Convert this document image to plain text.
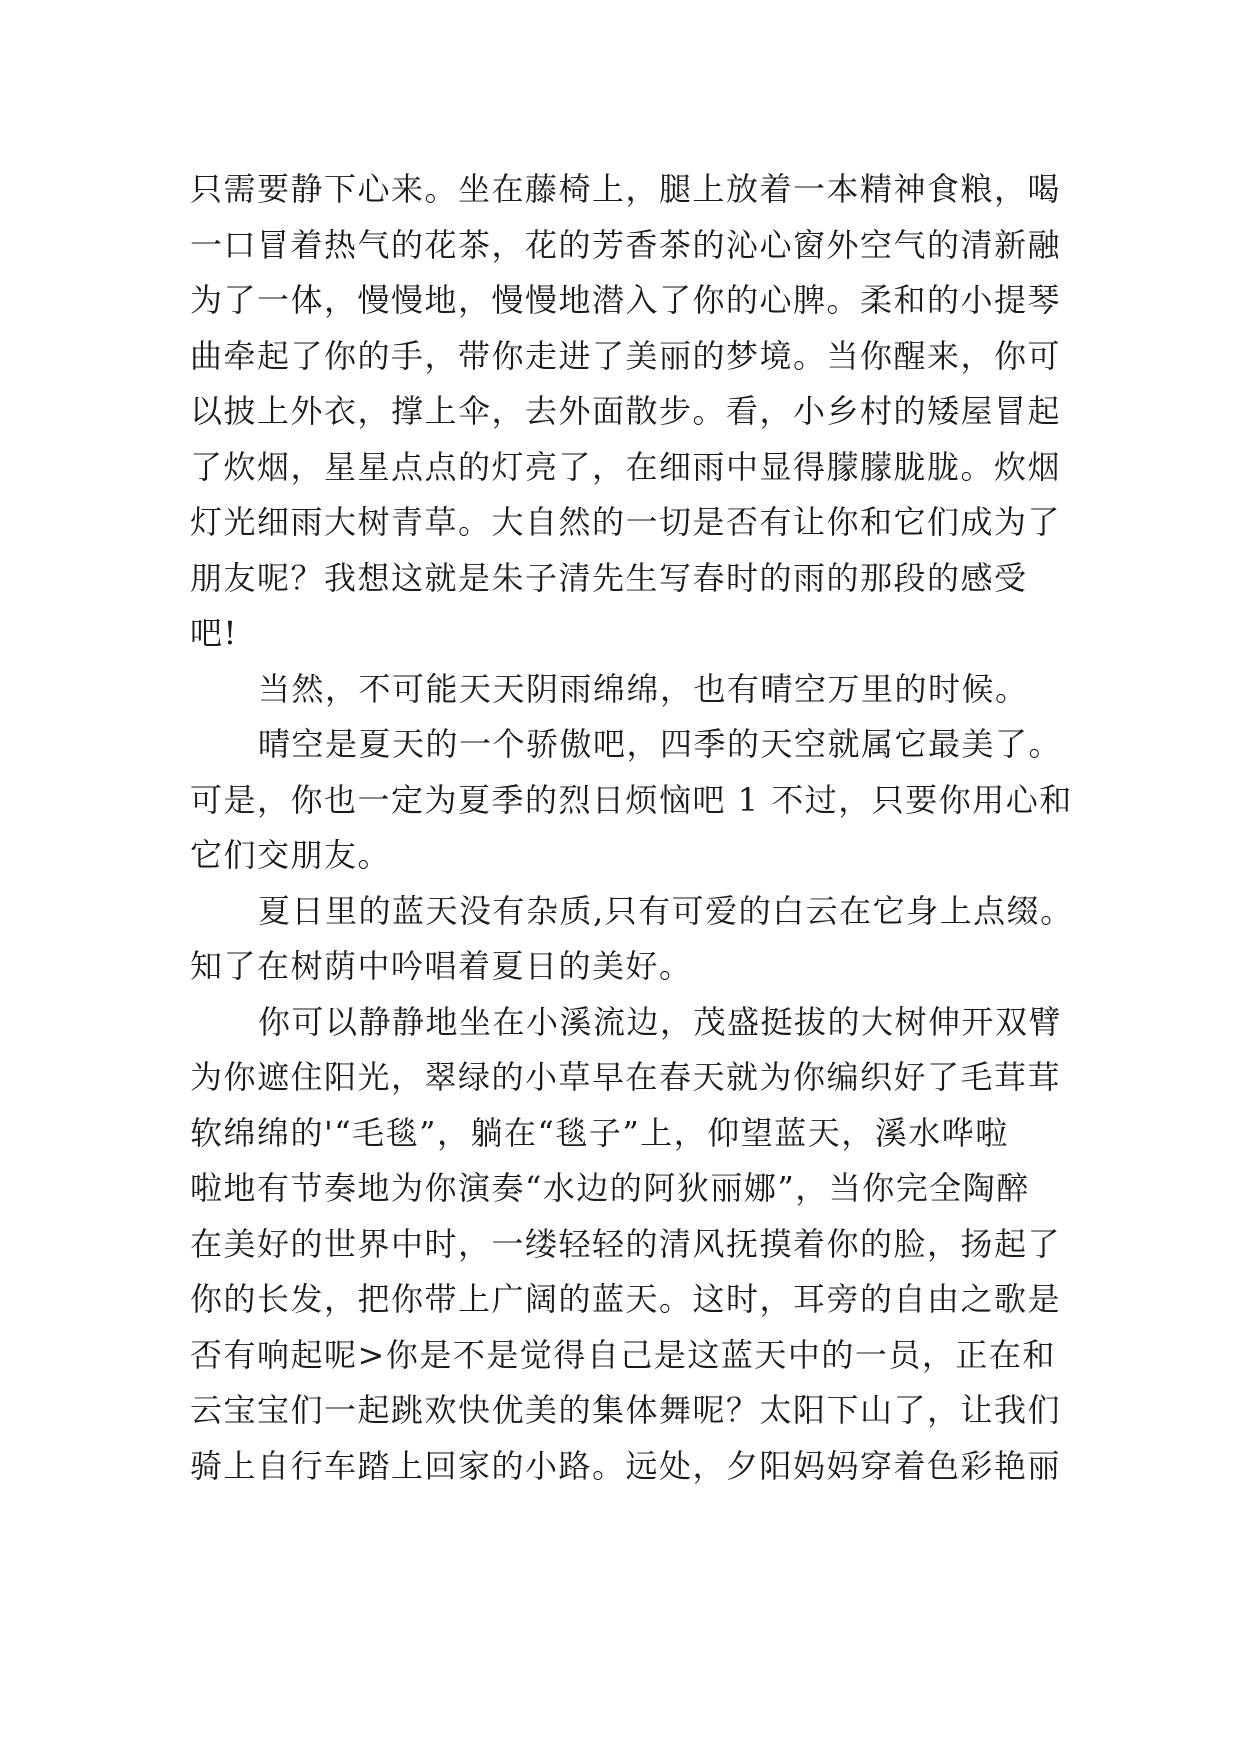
只需要静下心来。坐在藤椅上，腿上放着一本精神食粮，喝
一口冒着热气的花茶，花的芳香茶的沁心窗外空气的清新融
为了一体，慢慢地，慢慢地潜入了你的心脾。柔和的小提琴
曲牵起了你的手，带你走进了美丽的梦境。当你醒来，你可
以披上外衣，撑上伞，去外面散步。看，小乡村的矮屋冒起
了炊烟，星星点点的灯亮了，在细雨中显得朦朦胧胧。炊烟
灯光细雨大树青草。大自然的一切是否有让你和它们成为了
朋友呢？我想这就是朱子清先生写春时的雨的那段的感受
吧!
当然，不可能天天阴雨绵绵，也有晴空万里的时候。
晴空是夏天的一个骄傲吧，四季的天空就属它最美了。
可是，你也一定为夏季的烈日烦恼吧 1 不过，只要你用心和
它们交朋友。
夏日里的蓝天没有杂质,只有可爱的白云在它身上点缀。
知了在树荫中吟唱着夏日的美好。
你可以静静地坐在小溪流边，茂盛挺拔的大树伸开双臂
为你遮住阳光，翠绿的小草早在春天就为你编织好了毛茸茸
软绵绵的'“毛毯”，躺在“毯子”上，仰望蓝天，溪水哗啦
啦地有节奏地为你演奏“水边的阿狄丽娜”，当你完全陶醉
在美好的世界中时，一缕轻轻的清风抚摸着你的脸，扬起了
你的长发，把你带上广阔的蓝天。这时，耳旁的自由之歌是
否有响起呢>你是不是觉得自己是这蓝天中的一员，正在和
云宝宝们一起跳欢快优美的集体舞呢？太阳下山了，让我们
骑上自行车踏上回家的小路。远处，夕阳妈妈穿着色彩艳丽
